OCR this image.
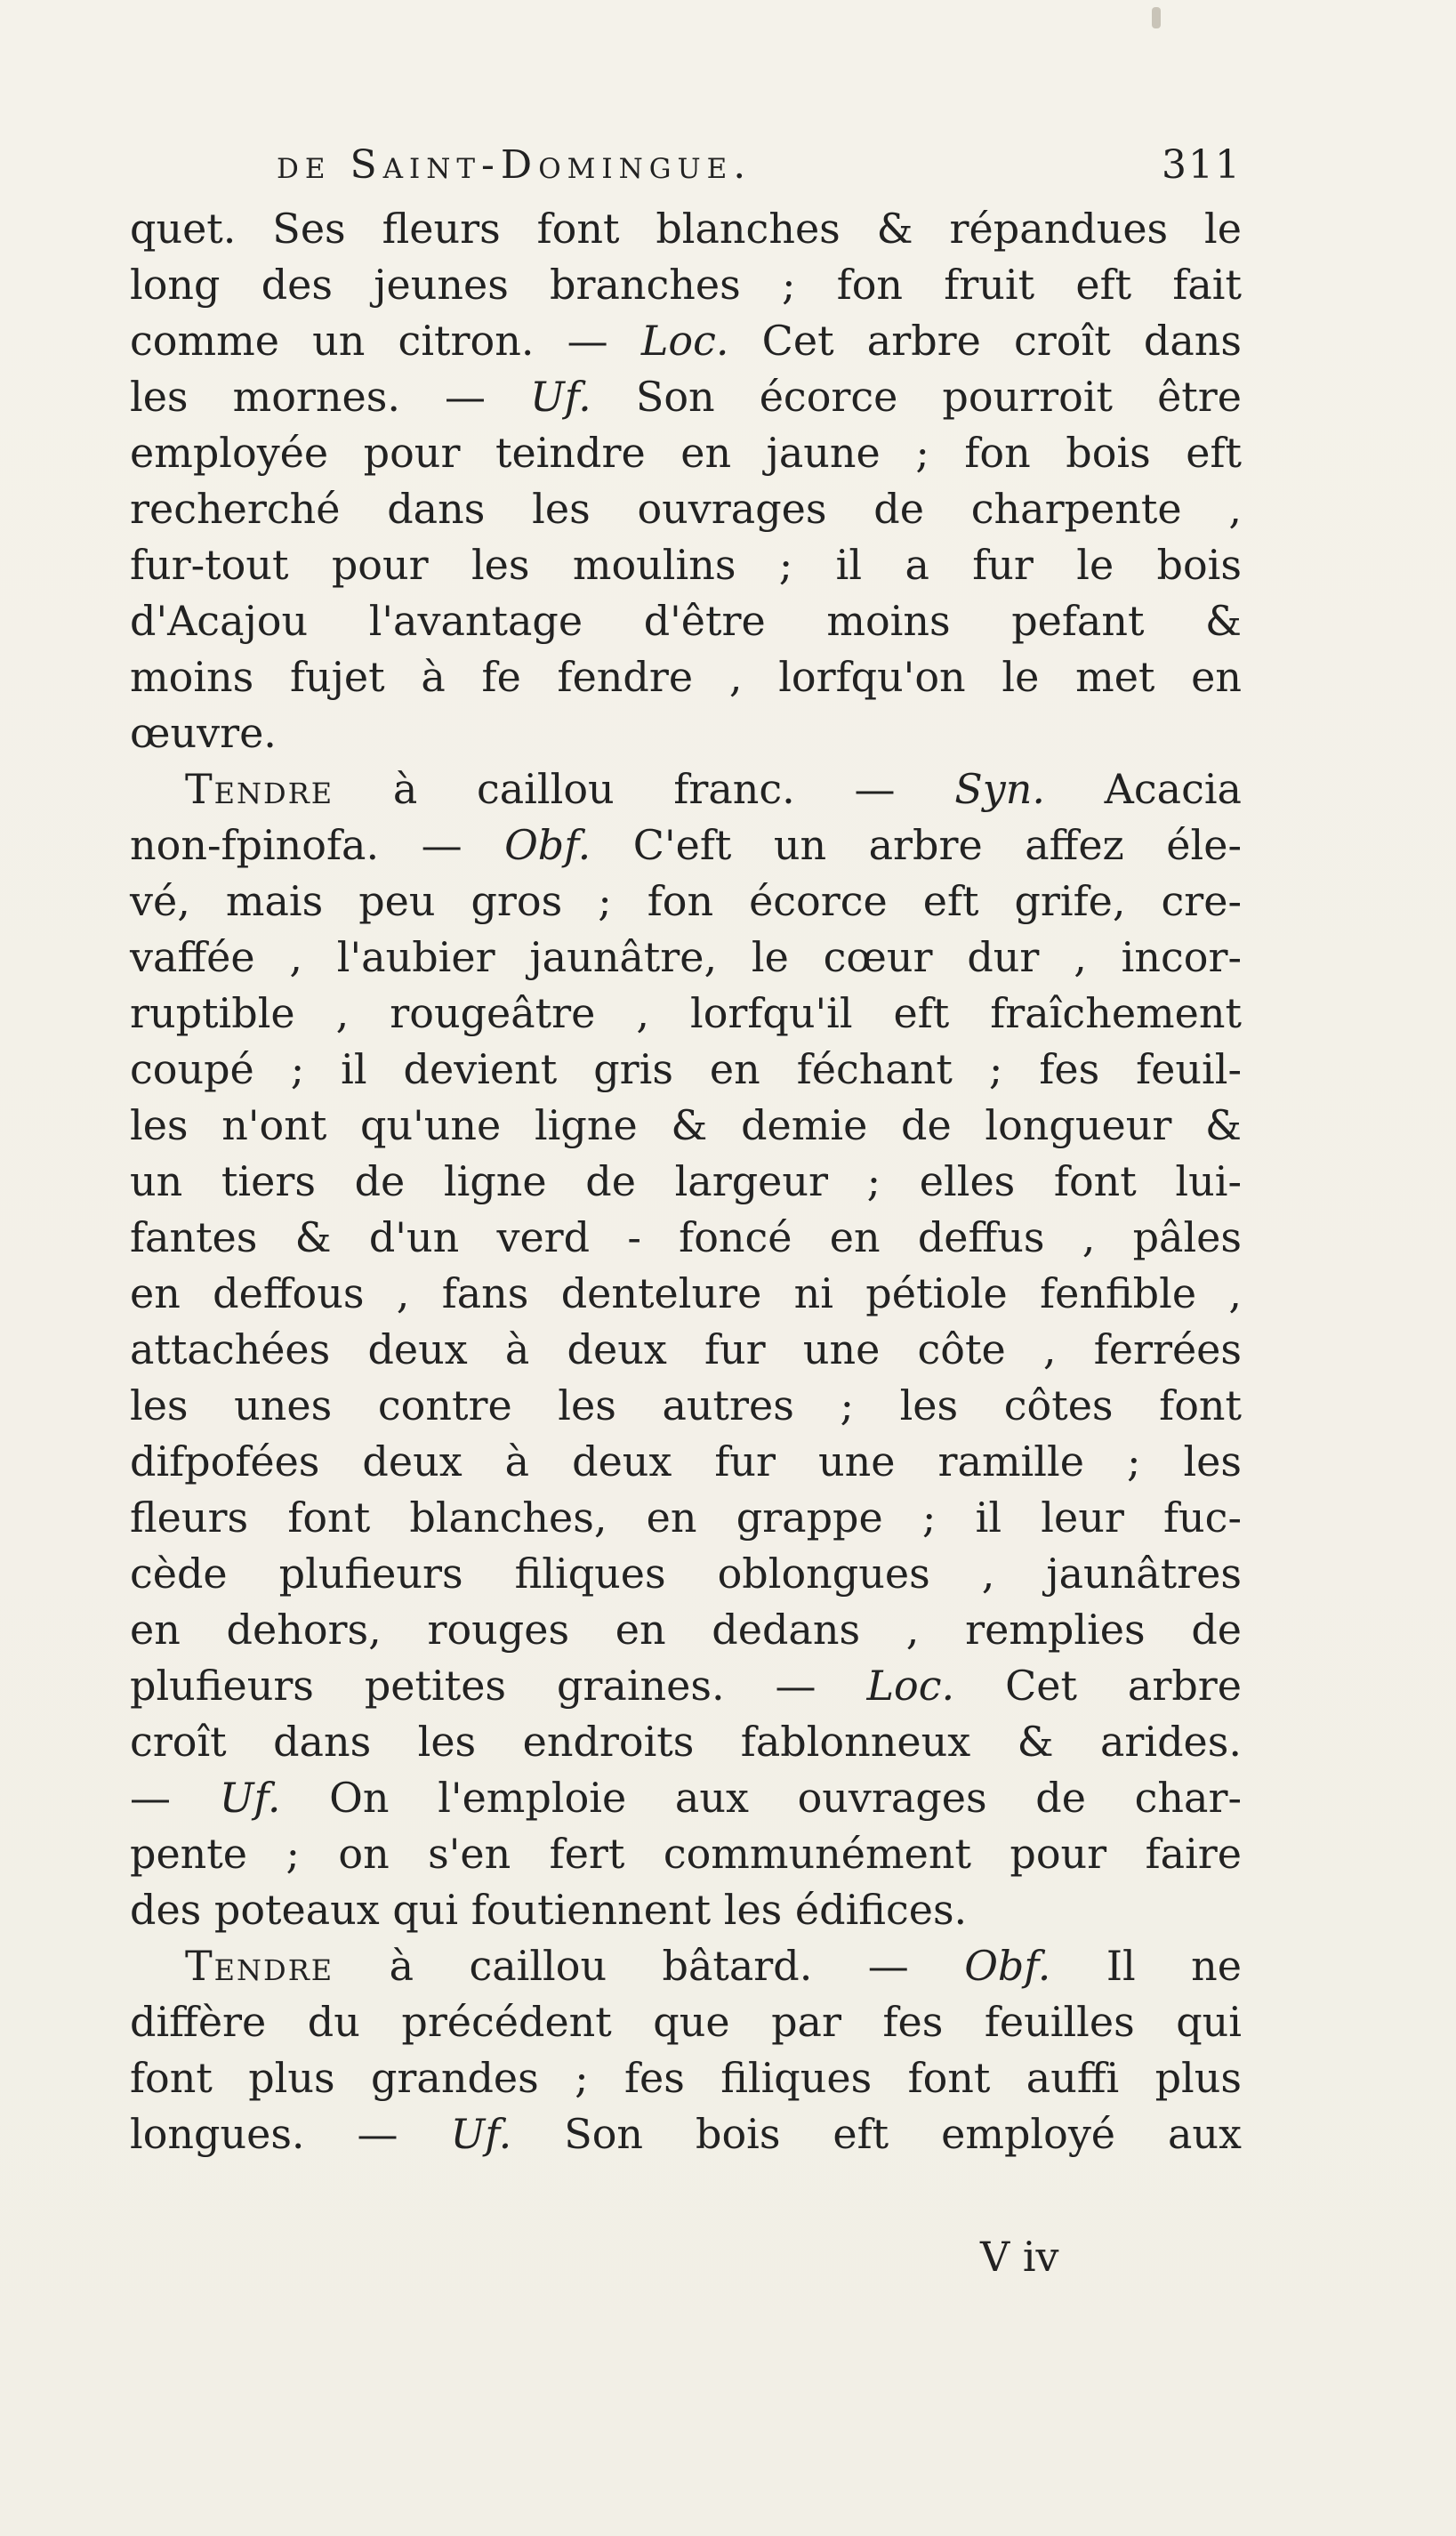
de Saint-Domingue.	311
quet. Ses fleurs font blanches & répandues le
long des jeunes branches ; fon fruit eft fait
comme un citron. — Loc. Cet arbre croît dans
les mornes. — Uf. Son écorce pourroit être
employée pour teindre en jaune ; fon bois eft
recherché dans les ouvrages de charpente ,
fur-tout pour les moulins ; il a fur le bois
d'Acajou l'avantage d'être moins pefant &
moins fujet à fe fendre , lorfqu'on le met en
œuvre.
Tendre à caillou franc. — Syn. Acacia
non-fpinofa. — Obf. C'eft un arbre affez éle-
vé, mais peu gros ; fon écorce eft grife, cre-
vaffée , l'aubier jaunâtre, le cœur dur , incor-
ruptible , rougeâtre , lorfqu'il eft fraîchement
coupé ; il devient gris en féchant ; fes feuil-
les n'ont qu'une ligne & demie de longueur &
un tiers de ligne de largeur ; elles font lui-
fantes & d'un verd - foncé en deffus , pâles
en deffous , fans dentelure ni pétiole fenfible ,
attachées deux à deux fur une côte , ferrées
les unes contre les autres ; les côtes font
difpofées deux à deux fur une ramille ; les
fleurs font blanches, en grappe ; il leur fuc-
cède plufieurs filiques oblongues , jaunâtres
en dehors, rouges en dedans , remplies de
plufieurs petites graines. — Loc. Cet arbre
croît dans les endroits fablonneux & arides.
— Uf. On l'emploie aux ouvrages de char-
pente ; on s'en fert communément pour faire
des poteaux qui foutiennent les édifices.
Tendre à caillou bâtard. — Obf. Il ne
diffère du précédent que par fes feuilles qui
font plus grandes ; fes filiques font auffi plus
longues. — Uf. Son bois eft employé aux
V iv
